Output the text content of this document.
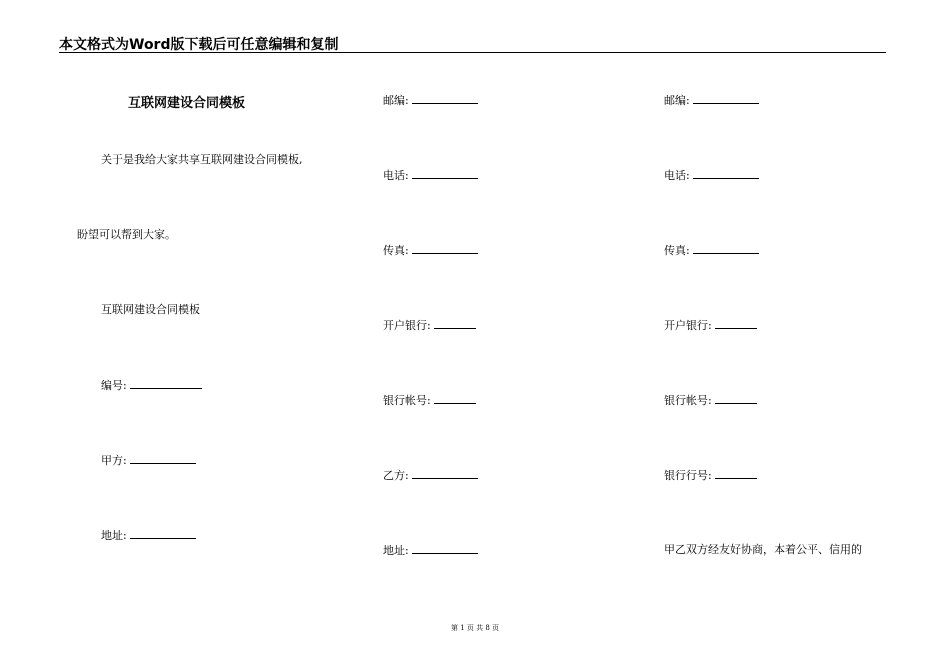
本文格式为Word版下载后可任意编辑和复制
互联网建设合同模板
关于是我给大家共享互联网建设合同模板,
盼望可以帮到大家。
互联网建设合同模板
编号:
甲方:
地址:
邮编:
电话:
传真:
开户银行:
银行帐号:
乙方:
地址:
邮编:
电话:
传真:
开户银行:
银行帐号:
银行行号:
甲乙双方经友好协商，本着公平、信用的
第 1 页 共 8 页
